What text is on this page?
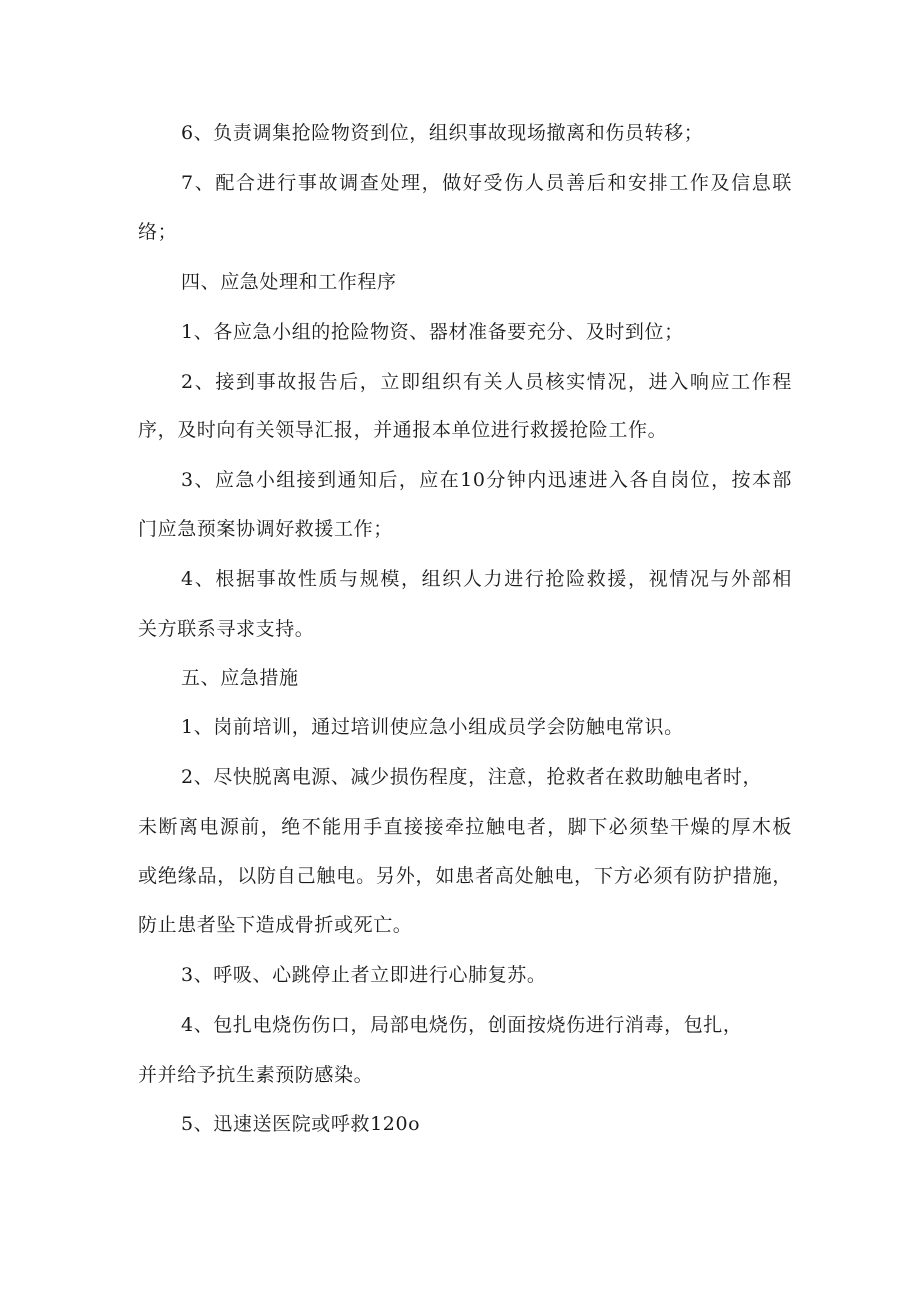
6、负责调集抢险物资到位，组织事故现场撤离和伤员转移；
7、配合进行事故调查处理，做好受伤人员善后和安排工作及信息联
络；
四、应急处理和工作程序
1、各应急小组的抢险物资、器材准备要充分、及时到位；
2、接到事故报告后，立即组织有关人员核实情况，进入响应工作程
序，及时向有关领导汇报，并通报本单位进行救援抢险工作。
3、应急小组接到通知后，应在10分钟内迅速进入各自岗位，按本部
门应急预案协调好救援工作；
4、根据事故性质与规模，组织人力进行抢险救援，视情况与外部相
关方联系寻求支持。
五、应急措施
1、岗前培训，通过培训使应急小组成员学会防触电常识。
2、尽快脱离电源、减少损伤程度，注意，抢救者在救助触电者时，
未断离电源前，绝不能用手直接接牵拉触电者，脚下必须垫干燥的厚木板
或绝缘品，以防自己触电。另外，如患者高处触电，下方必须有防护措施，
防止患者坠下造成骨折或死亡。
3、呼吸、心跳停止者立即进行心肺复苏。
4、包扎电烧伤伤口，局部电烧伤，创面按烧伤进行消毒，包扎，
并并给予抗生素预防感染。
5、迅速送医院或呼救120o
